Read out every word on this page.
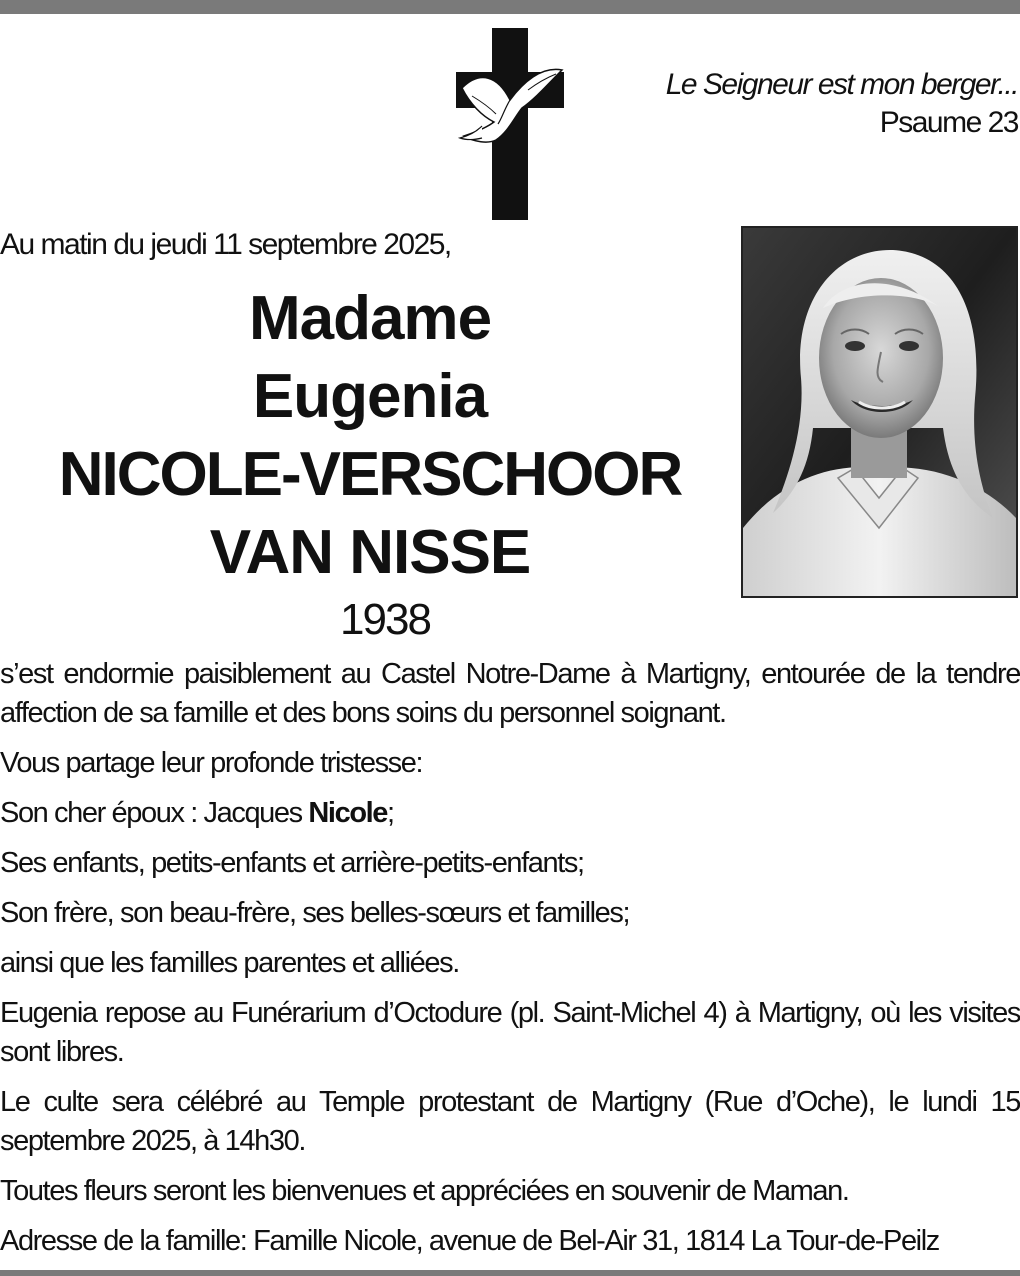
Le Seigneur est mon berger...
Psaume 23
Au matin du jeudi 11 septembre 2025,
Madame
Eugenia
NICOLE-VERSCHOOR
VAN NISSE
1938

s’est endormie paisiblement au Castel Notre-Dame à Martigny, entourée de la tendre affection de sa famille et des bons soins du personnel soignant.

Vous partage leur profonde tristesse:

Son cher époux : Jacques Nicole;

Ses enfants, petits-enfants et arrière-petits-enfants;

Son frère, son beau-frère, ses belles-sœurs et familles;

ainsi que les familles parentes et alliées.

Eugenia repose au Funérarium d’Octodure (pl. Saint-Michel 4) à Martigny, où les visites sont libres.

Le culte sera célébré au Temple protestant de Martigny (Rue d’Oche), le lundi 15 septembre 2025, à 14h30.

Toutes fleurs seront les bienvenues et appréciées en souvenir de Maman.

Adresse de la famille: Famille Nicole, avenue de Bel-Air 31, 1814 La Tour-de-Peilz
